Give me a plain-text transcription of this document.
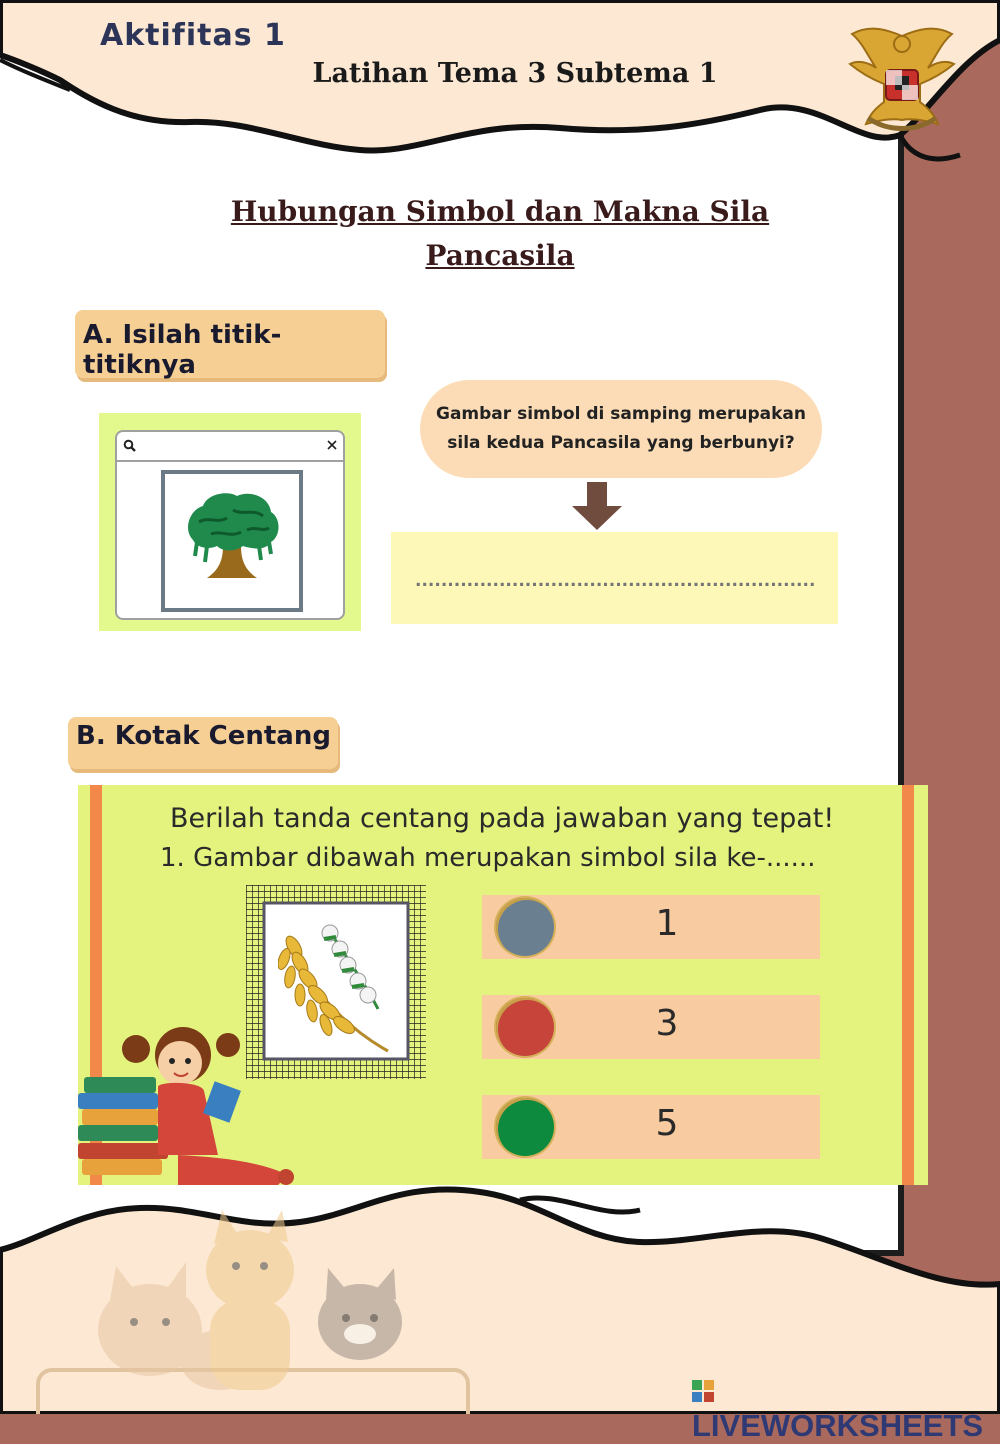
Aktifitas 1
Latihan Tema 3 Subtema 1
Hubungan Simbol dan Makna Sila
Pancasila
A. Isilah titik-titiknya
Gambar simbol di samping merupakan
sila kedua Pancasila yang berbunyi?
........................................................................
B. Kotak Centang
Berilah tanda centang pada jawaban yang tepat!
1. Gambar dibawah merupakan simbol sila ke-......
1
3
5
LIVEWORKSHEETS
